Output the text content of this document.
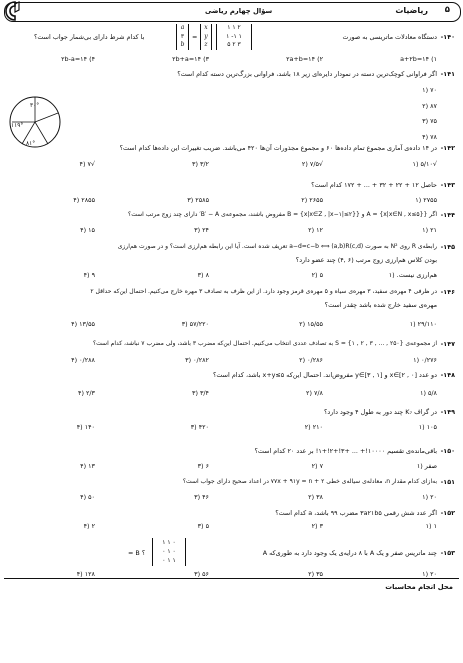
سؤال چهارم ریاضی	ریاضیات ۵
۱۴۰-
دستگاه معادلات ماتریسی به صورت
۱ ۱ ۲
۱ -۱ ۱
۵ ۲ ۳
x
y
z
=
a
۳
b
با کدام شرط دارای بی‌شمار جواب است؟
a+۲b=۱۴ (۱
۲a+b=۱۴ (۲
۲b+a=۱۴ (۳
۲b-a=۱۴ (۴
۱۴۱-
اگر فراوانی کوچک‌ترین دسته در نمودار دایره‌ای زیر ۱۸ باشد، فراوانی بزرگ‌ترین دسته کدام است؟
۳۰°
۱۱۹°
۸۱°
۷۰ (۱
۸۷ (۲
۷۵ (۳
۷۸ (۴
۱۴۲-
در ۱۴ داده‌ی آماری مجموع تمام داده‌ها ۶۰ و مجموع مجذورات آن‌ها ۴۲۰ می‌باشد. ضریب تغییرات این داده‌ها کدام است؟
√۵/۱۰ (۱
√۷/۵ (۲
۳/۲ (۳
√۷ (۴
۱۴۳-
حاصل ۱۲ + ۲۲ + ۳۲ + ... + ۱۷۲ کدام است؟
۲۷۵۵ (۱
۲۶۵۵ (۲
۲۵۸۵ (۳
۲۸۵۵ (۴
۱۴۴-
اگر {A = {x|x∈N , x≤۵} و {B = {x|x∈Z , |x−۱|≤۲} مفروض باشند، مجموعه‌ی B′ − A′ دارای چند زوج مرتب است؟
۲۱ (۱
۱۲ (۲
۲۴ (۳
۱۵ (۴
۱۴۵-
رابطه‌ی R روی N² به صورت a−d=c−b ⟺ (a,b)R(c,d) تعریف شده است. آیا این رابطه هم‌ارزی است؟ و در صورت هم‌ارزی
بودن کلاس هم‌ارزی زوج مرتب (۶ ,۴) چند عضو دارد؟
هم‌ارزی نیست. (۱
۵ (۲
۸ (۳
۹ (۴
۱۴۶-
در ظرفی ۴ مهره‌ی سفید، ۳ مهره‌ی سیاه و ۵ مهره‌ی قرمز وجود دارد. از این ظرف به تصادف ۳ مهره خارج می‌کنیم. احتمال این‌که حداقل ۲
مهره‌ی سفید خارج شده باشد چقدر است؟
۲۹/۱۱۰ (۱
۱۵/۵۵ (۲
۵۷/۲۲۰ (۳
۱۳/۵۵ (۴
۱۴۷-
از مجموعه‌ی {۲۵۰ , ... , ۳ , ۲ , ۱} = S به تصادف عددی انتخاب می‌کنیم. احتمال این‌که مضرب ۳ باشد، ولی مضرب ۷ نباشد، کدام است؟
۰/۲۷۶ (۱
۰/۲۸۶ (۲
۰/۲۸۲ (۳
۰/۲۸۸ (۴
۱۴۸-
دو عدد [۰ , ۲]∋x و [۱ , ۳]∋y مفروض‌اند. احتمال این‌که x+y≤۵ باشد، کدام است؟
۵/۸ (۱
۷/۸ (۲
۳/۴ (۳
۲/۳ (۴
۱۴۹-
در گراف K₇ چند دور به طول ۴ وجود دارد؟
۱۰۵ (۱
۲۱۰ (۲
۴۲۰ (۳
۱۴۰ (۴
۱۵۰-
باقی‌مانده‌ی تقسیم ۱۰۰۰۰!+ ... +۳!+۲!+۱! بر عدد ۲۰ کدام است؟
صفر (۱
۷ (۲
۶ (۳
۱۳ (۴
۱۵۱-
به‌ازای کدام مقدار n، معادله‌ی سیاله‌ی خطی ۷۷x + ۹۱y = n + ۲ در اعداد صحیح دارای جواب است؟
۲۰ (۱
۳۸ (۲
۴۶ (۳
۵۰ (۴
۱۵۲-
اگر عدد شش رقمی ۳a۲۱b۵ مضرب ۹۹ باشد، a کدام است؟
۱ (۱
۳ (۲
۵ (۳
۲ (۴
۱۵۳-
چند ماتریس صفر و یک A با ۸ درایه‌ی یک وجود دارد به طوری‌که A
۱ ۱ ۰
۰ ۱ ۰
۰ ۱ ۱
؟ B =
۲۰ (۱
۳۵ (۲
۵۶ (۳
۱۲۸ (۴
محل انجام محاسبات
